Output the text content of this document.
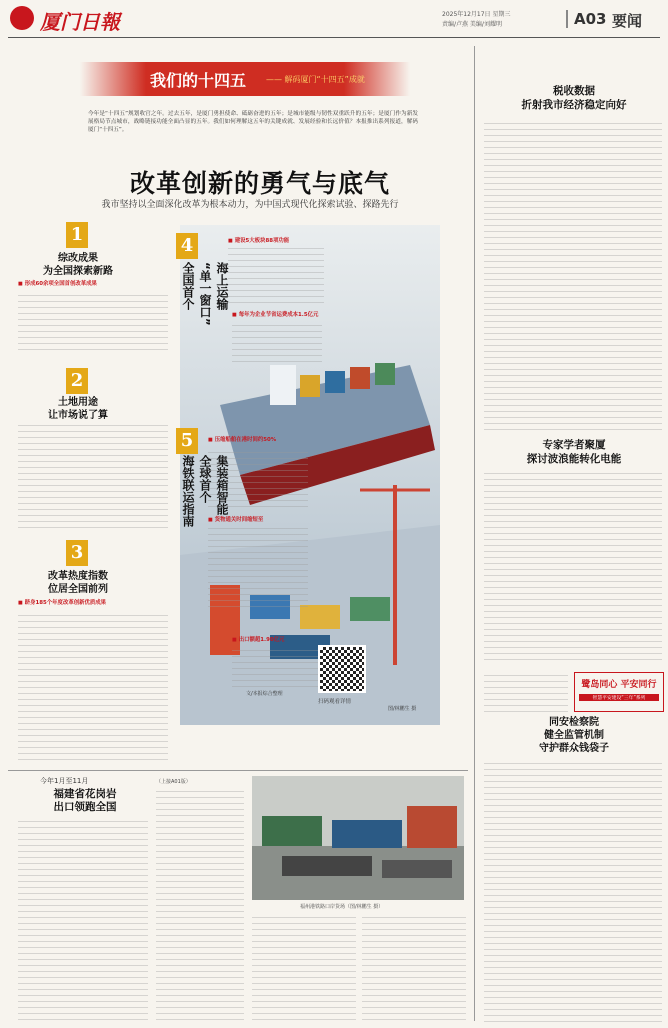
厦门日報	2025年12月17日 星期三
责编/卢燕 美编/刘耀明	A03 要闻
我们的十四五 —— 解码厦门“十四五”成就
今年是“十四五”规划收官之年。过去五年，是厦门勇担使命、砥砺奋进的五年；是城市能级与韧性双重跃升的五年；是厦门作为新发展格局节点城市，战略链接功能全面凸显的五年。我们如何理解这五年的关键成就、发展经验和长远价值？本报推出系列报道，解码厦门“十四五”。
改革创新的勇气与底气
我市坚持以全面深化改革为根本动力，为中国式现代化探索试验、探路先行
1
综改成果
为全国探索新路
■ 形成60余项全国首创改革成果
2
土地用途
让市场说了算
3
改革热度指数
位居全国前列
■ 跻身185个年度改革创新优质成果
4
海上运输
“单一窗口”
全国首个
5
集装箱智能
全球首个
海铁联运指南
■ 建设5大板块88项功能
■ 每年为企业节省运费成本1.5亿元
■ 压缩船舶在港时间约50%
■ 货物通关时间缩短至
■ 出口额超1.90亿元
扫码观看详情
文/本报综合整理
图/林鹏生 摄
税收数据
折射我市经济稳定向好
专家学者聚厦
探讨波浪能转化电能
鹭岛同心 平安同行
智慧平安建设“三年”系列
同安检察院
健全监管机制
守护群众钱袋子
今年1月至11月
福建省花岗岩
出口领跑全国
（上接A01版）
福州港铁路口岸货场（图/林鹏生 摄）
